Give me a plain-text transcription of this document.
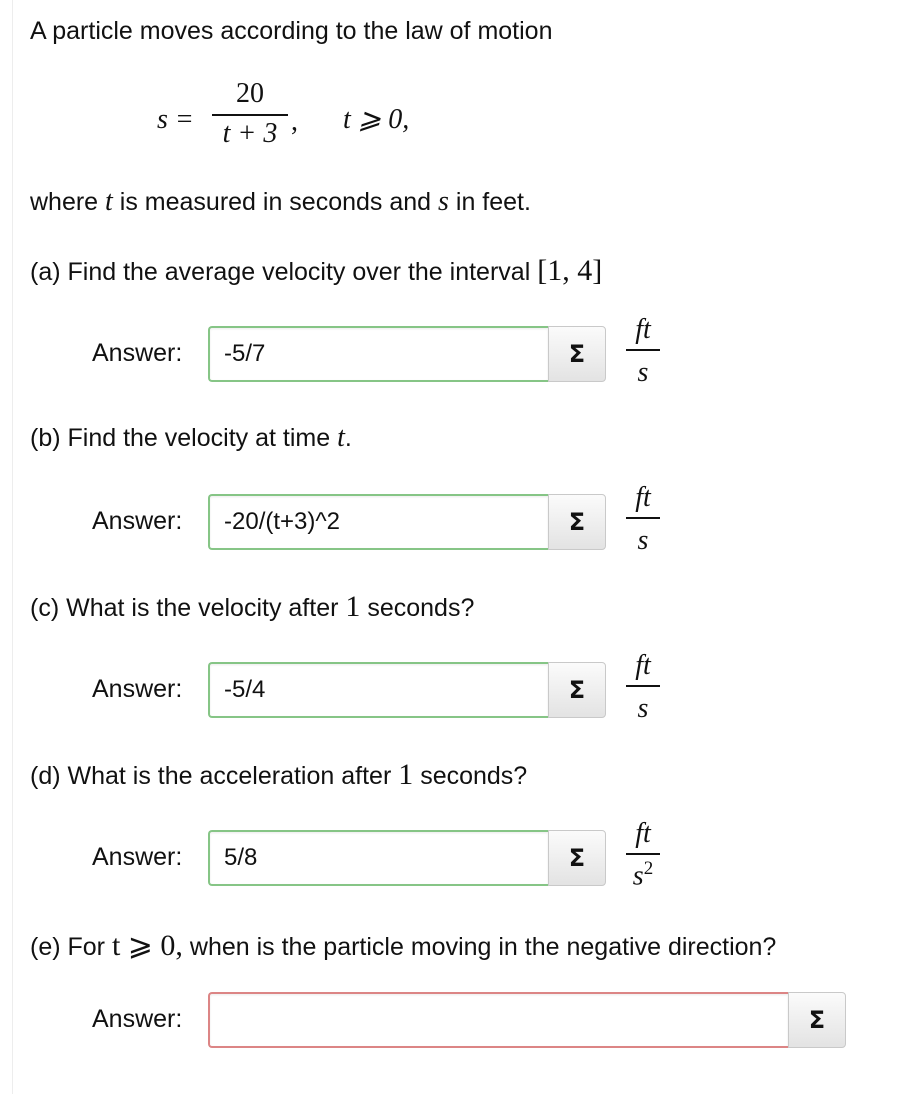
A particle moves according to the law of motion
s =
20
t + 3 , t ⩾ 0,
where t is measured in seconds and s in feet.
(a) Find the average velocity over the interval [1, 4]
Answer:	-5/7	Σ
ft
s
(b) Find the velocity at time t.
Answer:	-20/(t+3)^2	Σ
ft
s
(c) What is the velocity after 1 seconds?
Answer:	-5/4	Σ
ft
s
(d) What is the acceleration after 1 seconds?
Answer:	5/8	Σ
ft
$s^2$
(e) For t ⩾ 0, when is the particle moving in the negative direction?
Answer:	Σ
